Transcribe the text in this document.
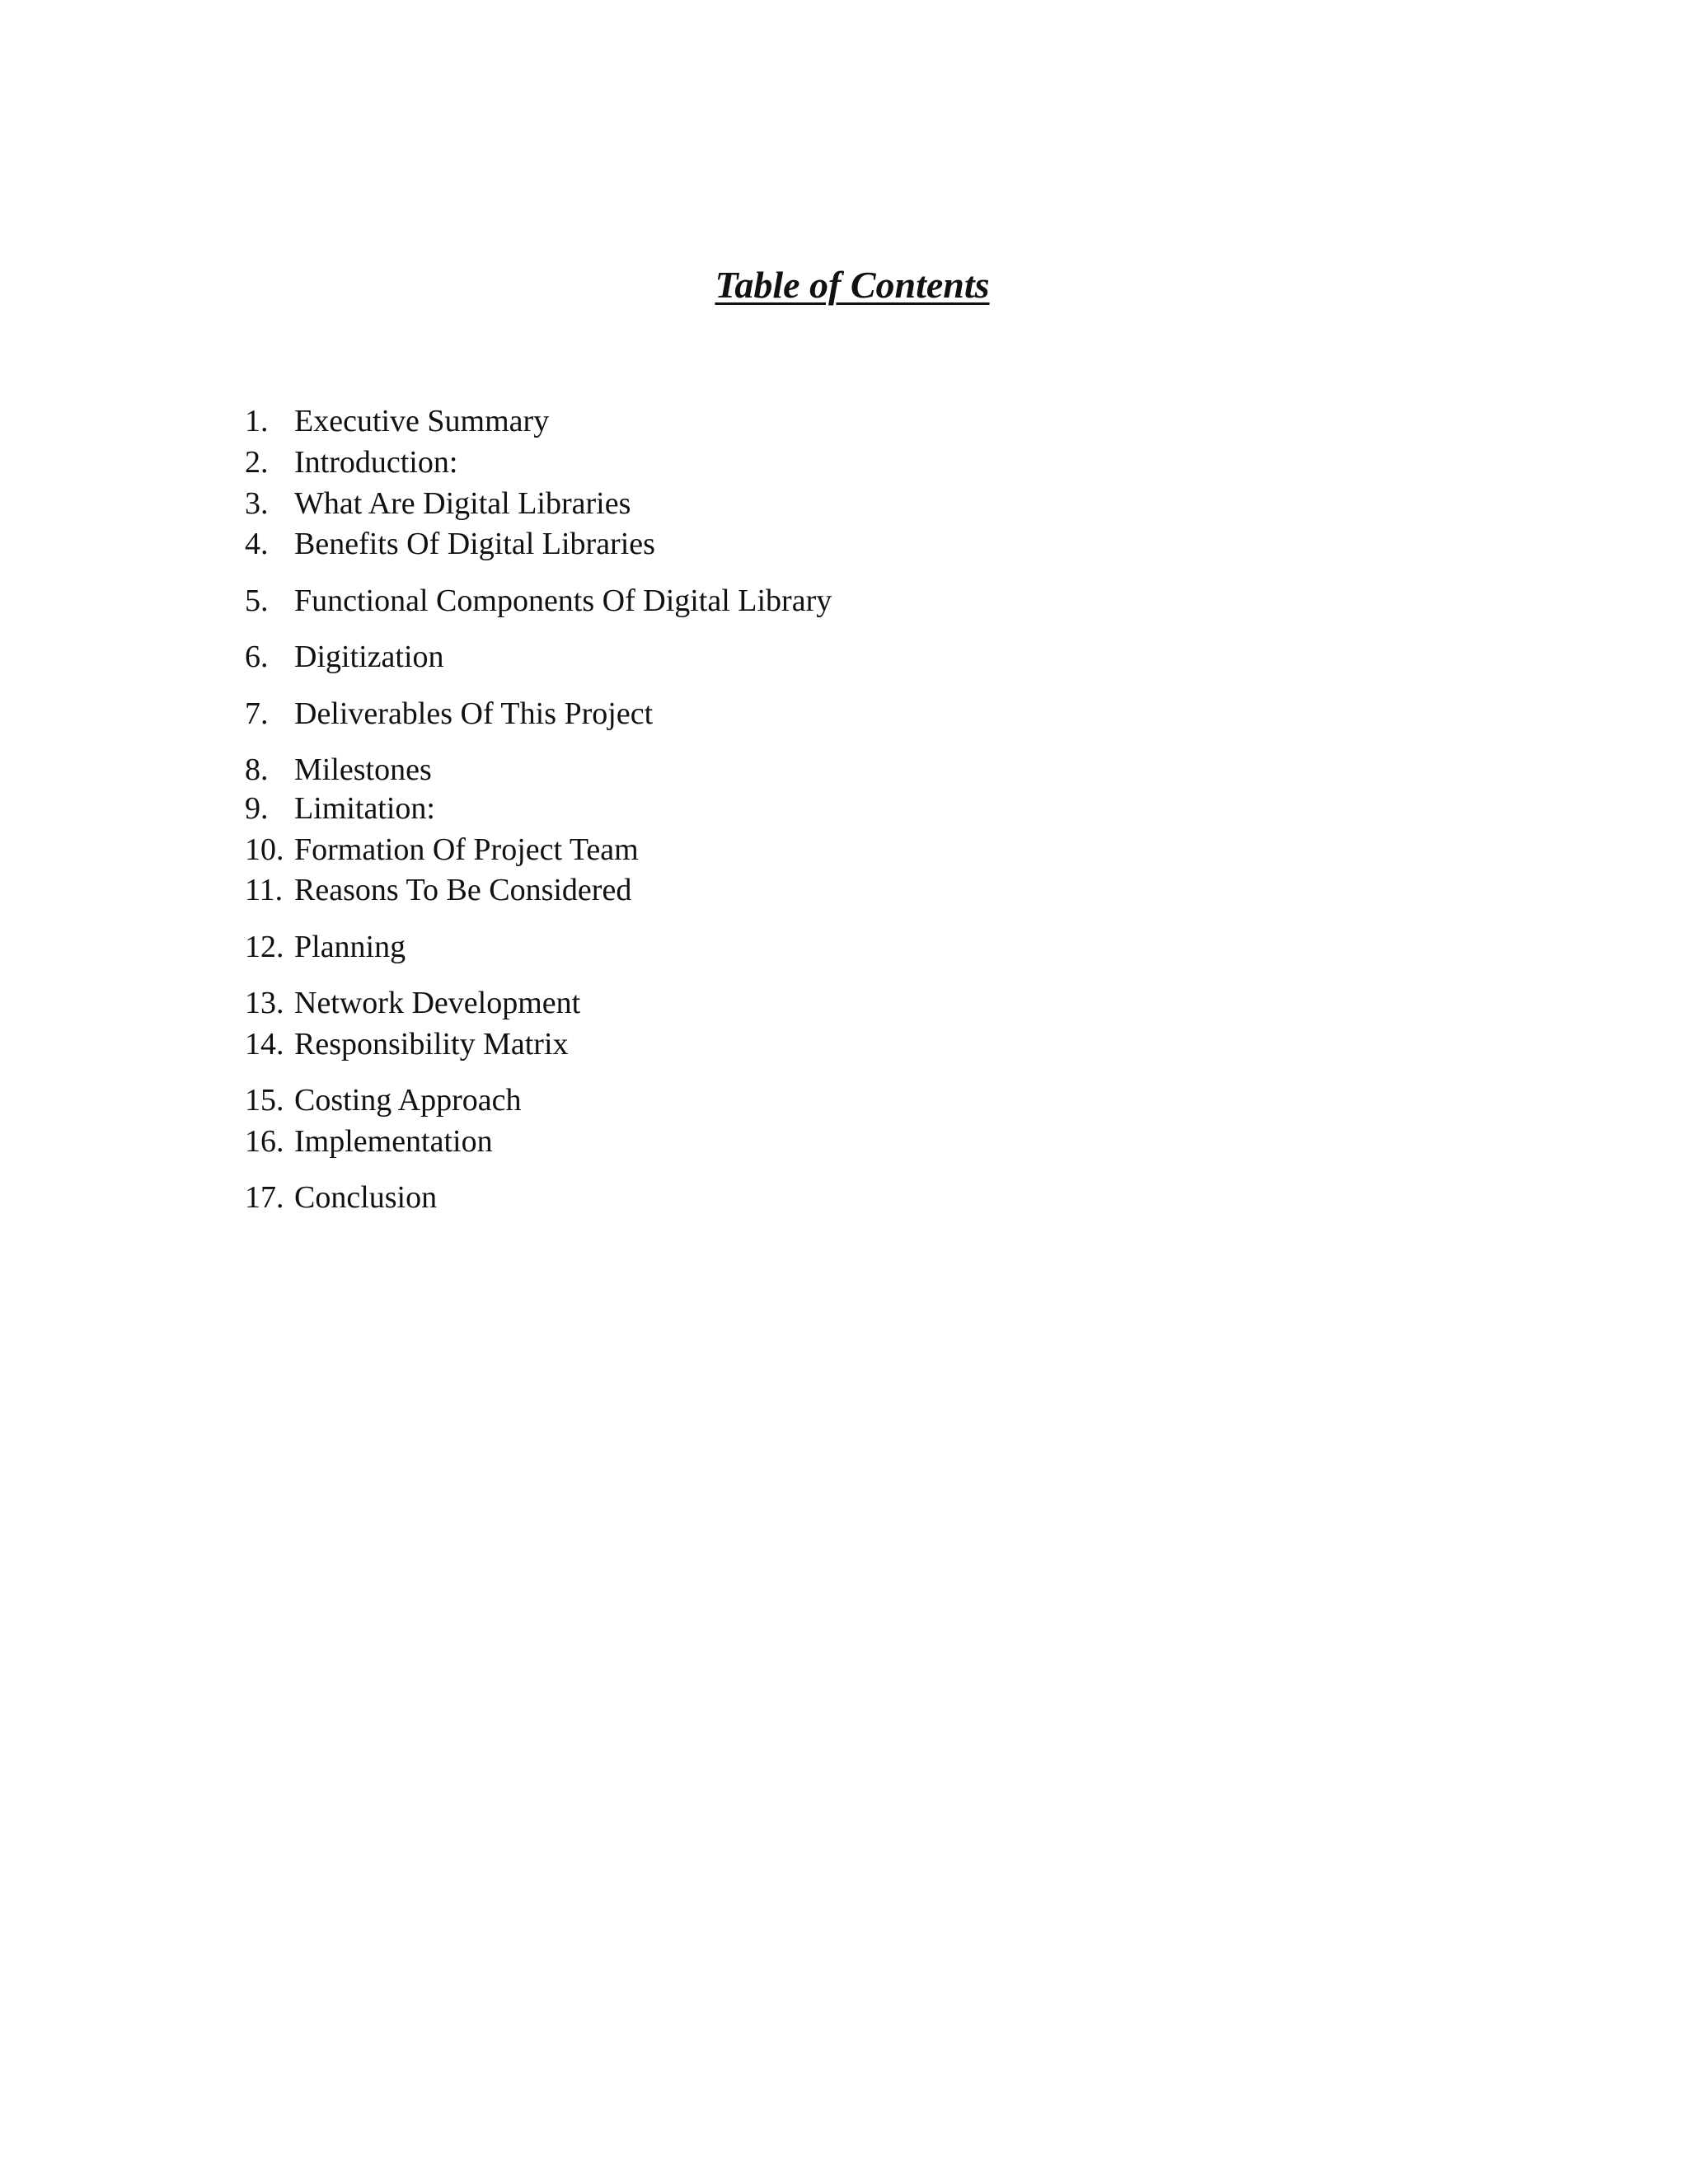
Table of Contents
1. Executive Summary
2. Introduction:
3. What Are Digital Libraries
4. Benefits Of Digital Libraries
5. Functional Components Of Digital Library
6. Digitization
7. Deliverables Of This Project
8. Milestones
9. Limitation:
10. Formation Of Project Team
11. Reasons To Be Considered
12. Planning
13. Network Development
14. Responsibility Matrix
15. Costing Approach
16. Implementation
17. Conclusion
